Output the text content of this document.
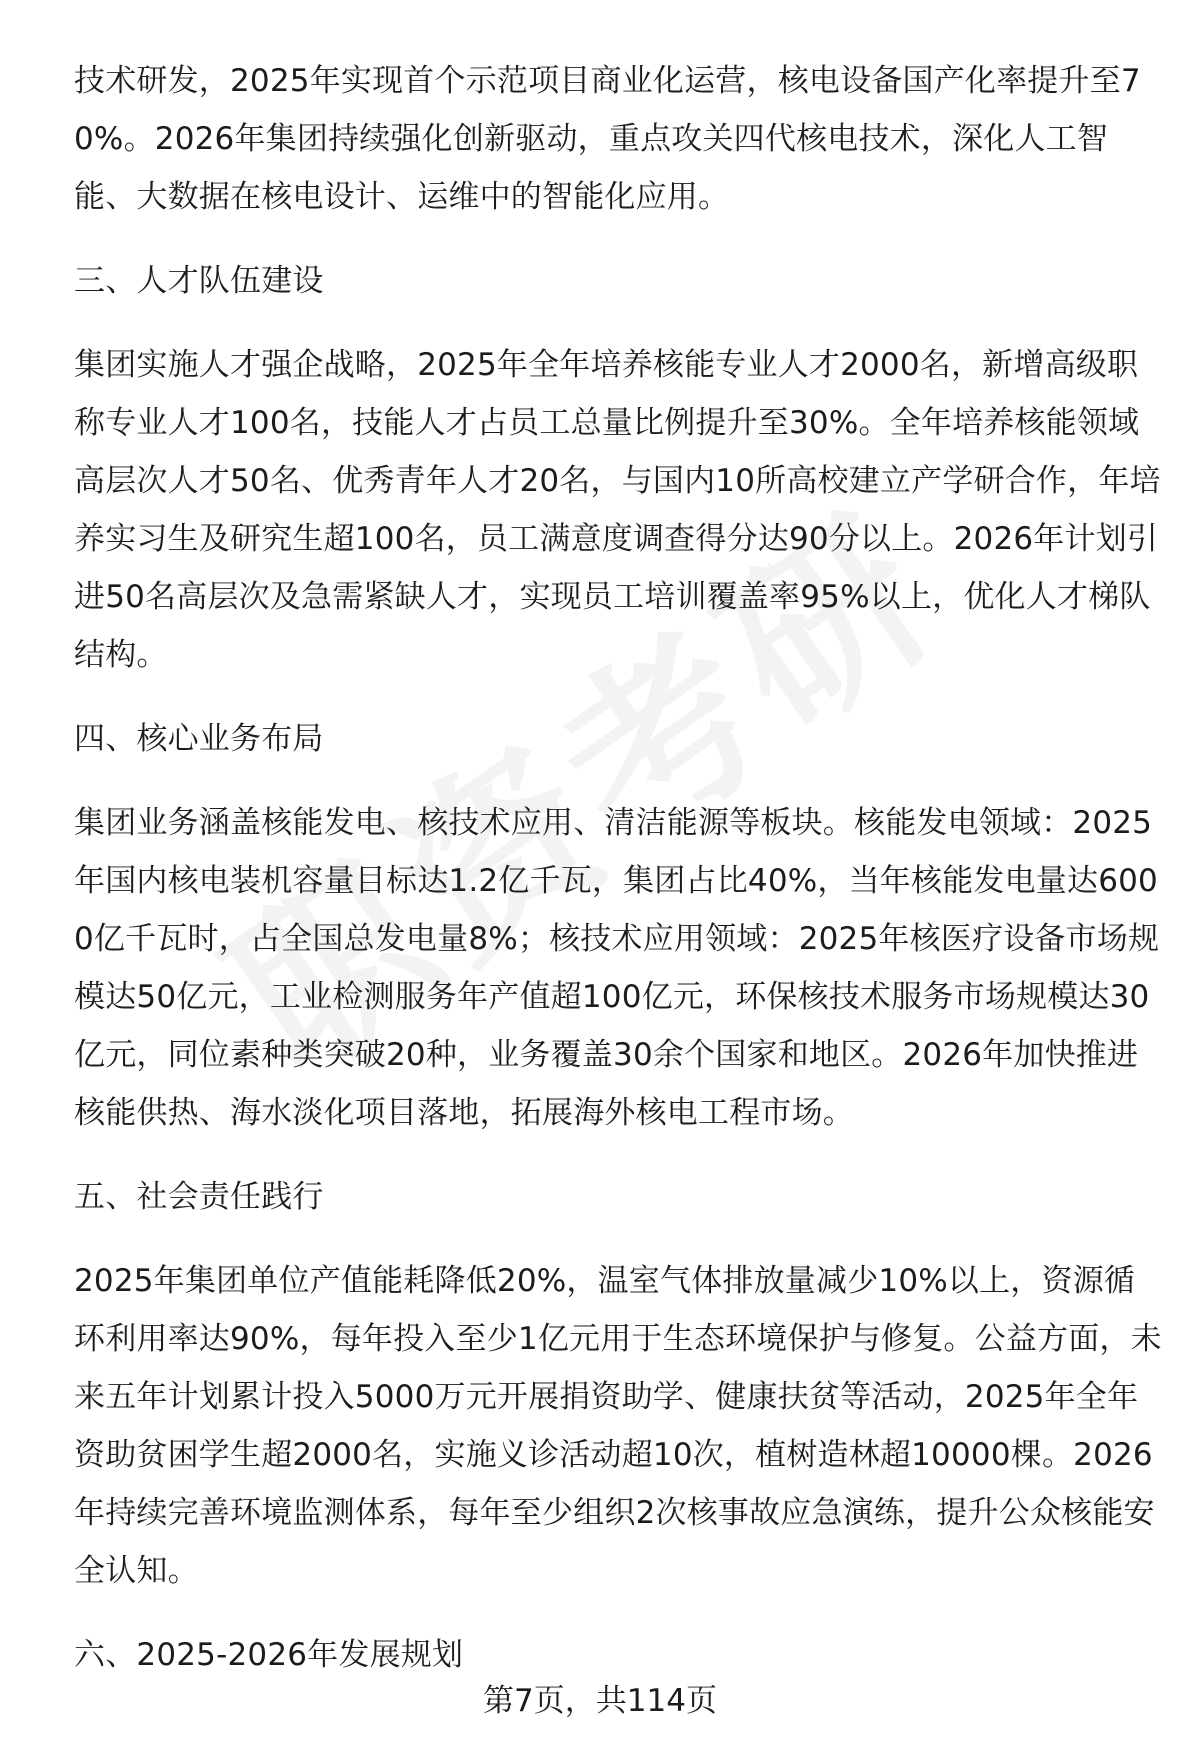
技术研发，2025年实现首个示范项目商业化运营，核电设备国产化率提升至70%。2026年集团持续强化创新驱动，重点攻关四代核电技术，深化人工智能、大数据在核电设计、运维中的智能化应用。

三、人才队伍建设

集团实施人才强企战略，2025年全年培养核能专业人才2000名，新增高级职称专业人才100名，技能人才占员工总量比例提升至30%。全年培养核能领域高层次人才50名、优秀青年人才20名，与国内10所高校建立产学研合作，年培养实习生及研究生超100名，员工满意度调查得分达90分以上。2026年计划引进50名高层次及急需紧缺人才，实现员工培训覆盖率95%以上，优化人才梯队结构。

四、核心业务布局

集团业务涵盖核能发电、核技术应用、清洁能源等板块。核能发电领域：2025年国内核电装机容量目标达1.2亿千瓦，集团占比40%，当年核能发电量达6000亿千瓦时，占全国总发电量8%；核技术应用领域：2025年核医疗设备市场规模达50亿元，工业检测服务年产值超100亿元，环保核技术服务市场规模达30亿元，同位素种类突破20种，业务覆盖30余个国家和地区。2026年加快推进核能供热、海水淡化项目落地，拓展海外核电工程市场。

五、社会责任践行

2025年集团单位产值能耗降低20%，温室气体排放量减少10%以上，资源循环利用率达90%，每年投入至少1亿元用于生态环境保护与修复。公益方面，未来五年计划累计投入5000万元开展捐资助学、健康扶贫等活动，2025年全年资助贫困学生超2000名，实施义诊活动超10次，植树造林超10000棵。2026年持续完善环境监测体系，每年至少组织2次核事故应急演练，提升公众核能安全认知。

六、2025-2026年发展规划

第7页，共114页
